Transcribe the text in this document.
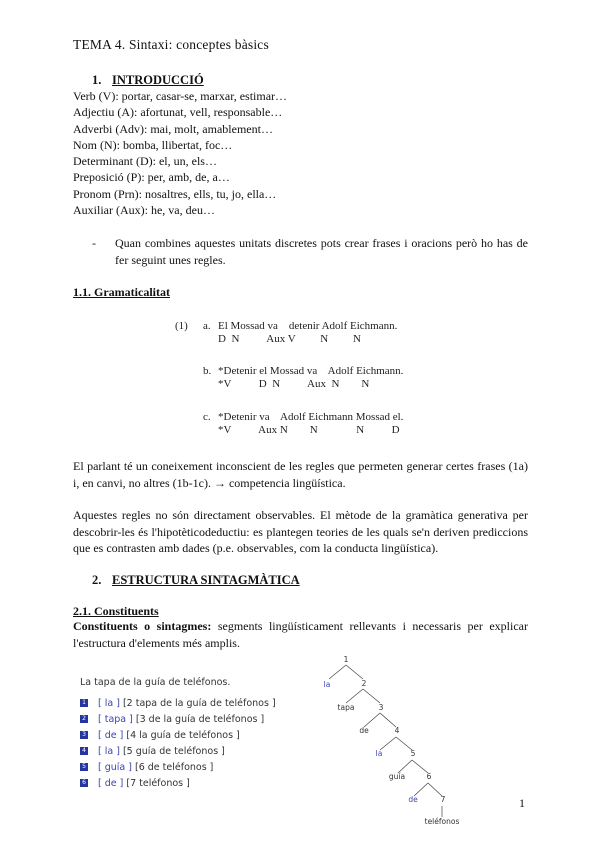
TEMA 4. Sintaxi: conceptes bàsics
1. INTRODUCCIÓ
Verb (V): portar, casar-se, marxar, estimar…
Adjectiu (A): afortunat, vell, responsable…
Adverbi (Adv): mai, molt, amablement…
Nom (N): bomba, llibertat, foc…
Determinant (D): el, un, els…
Preposició (P): per, amb, de, a…
Pronom (Prn): nosaltres, ells, tu, jo, ella…
Auxiliar (Aux): he, va, deu…
- Quan combines aquestes unitats discretes pots crear frases i oracions però ho has de fer seguint unes regles.
1.1. Gramaticalitat
(1) a. El Mossad va    detenir Adolf Eichmann.
D  N          Aux V         N         N
b. *Detenir el Mossad va    Adolf Eichmann.
*V          D  N          Aux  N        N
c. *Detenir va    Adolf Eichmann Mossad el.
*V          Aux N        N              N          D
El parlant té un coneixement inconscient de les regles que permeten generar certes frases (1a) i, en canvi, no altres (1b-1c). → competencia lingüística.
Aquestes regles no són directament observables. El mètode de la gramàtica generativa per descobrir-les és l'hipotèticodeductiu: es plantegen teories de les quals se'n deriven prediccions que es contrasten amb dades (p.e. observables, com la conducta lingüística).
2. ESTRUCTURA SINTAGMÀTICA
2.1. Constituents
Constituents o sintagmes: segments lingüísticament rellevants i necessaris per explicar l'estructura d'elements més amplis.
La tapa de la guía de teléfonos.
1 [ la ]
[2 tapa de la guía de teléfonos ]
2 [ tapa ]
[3 de la guía de teléfonos ]
3 [ de ]
[4 la guía de teléfonos ]
4 [ la ]
[5 guía de teléfonos ]
5 [ guía ]
[6 de teléfonos ]
6 [ de ]
[7 teléfonos ]
1
la	2
tapa	3
de	4
la	5
guía	6
de	7
teléfonos
1
